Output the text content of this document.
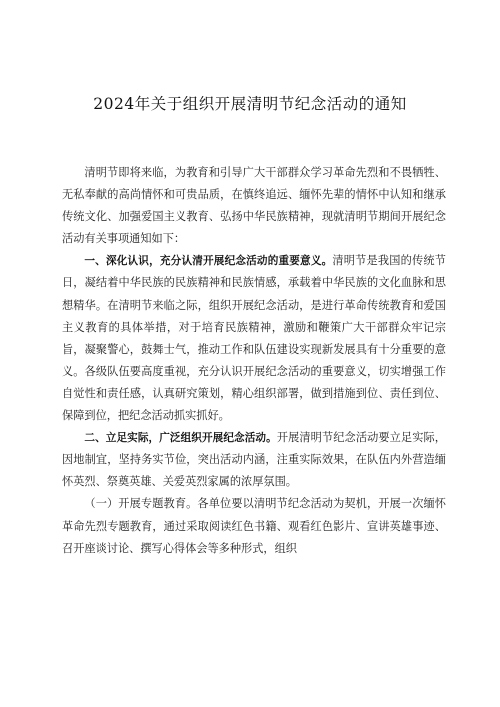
2024年关于组织开展清明节纪念活动的通知

清明节即将来临，为教育和引导广大干部群众学习革命先烈和不畏牺牲、无私奉献的高尚情怀和可贵品质，在慎终追远、缅怀先辈的情怀中认知和继承传统文化、加强爱国主义教育、弘扬中华民族精神，现就清明节期间开展纪念活动有关事项通知如下：

一、深化认识，充分认清开展纪念活动的重要意义。清明节是我国的传统节日，凝结着中华民族的民族精神和民族情感，承载着中华民族的文化血脉和思想精华。在清明节来临之际，组织开展纪念活动，是进行革命传统教育和爱国主义教育的具体举措，对于培育民族精神，激励和鞭策广大干部群众牢记宗旨，凝聚警心，鼓舞士气，推动工作和队伍建设实现新发展具有十分重要的意义。各级队伍要高度重视，充分认识开展纪念活动的重要意义，切实增强工作自觉性和责任感，认真研究策划，精心组织部署，做到措施到位、责任到位、保障到位，把纪念活动抓实抓好。

二、立足实际，广泛组织开展纪念活动。开展清明节纪念活动要立足实际，因地制宜，坚持务实节俭，突出活动内涵，注重实际效果，在队伍内外营造缅怀英烈、祭奠英雄、关爱英烈家属的浓厚氛围。

（一）开展专题教育。各单位要以清明节纪念活动为契机，开展一次缅怀革命先烈专题教育，通过采取阅读红色书籍、观看红色影片、宣讲英雄事迹、召开座谈讨论、撰写心得体会等多种形式，组织
